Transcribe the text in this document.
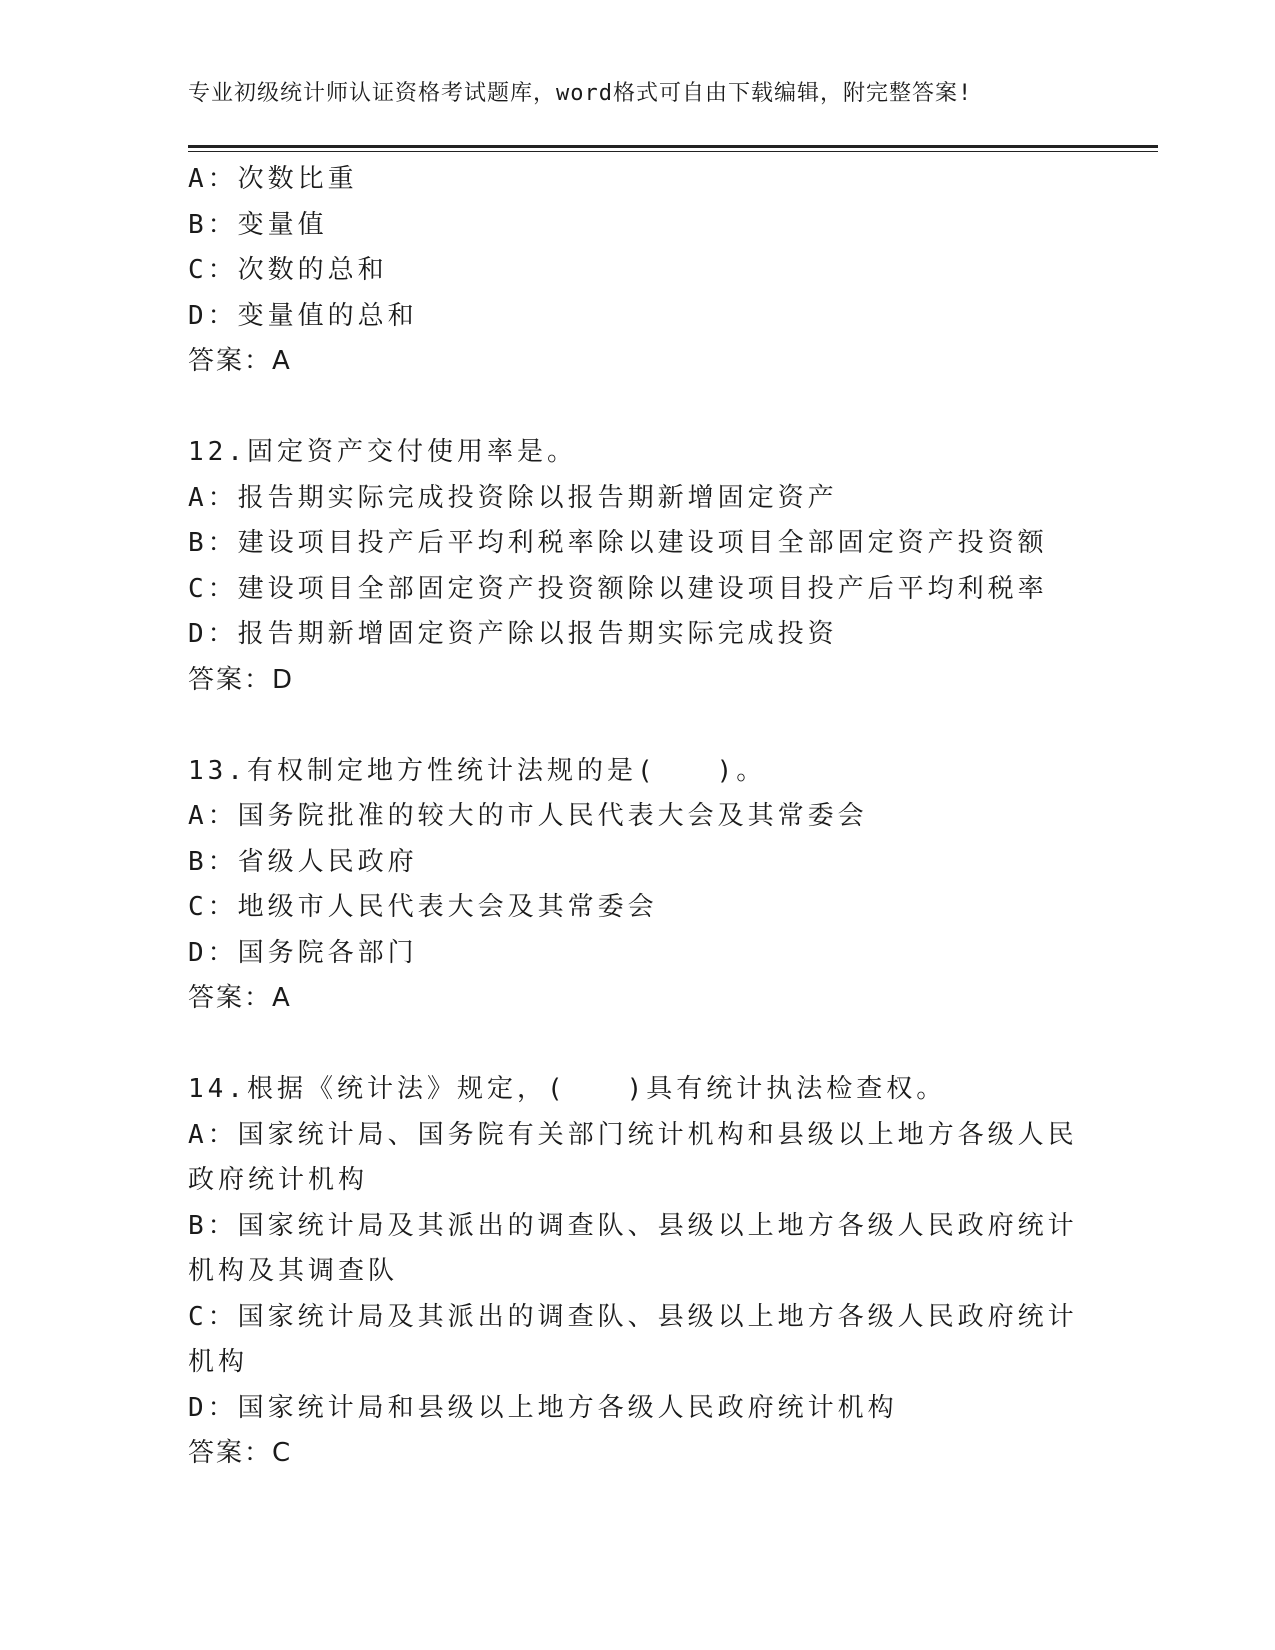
专业初级统计师认证资格考试题库，word格式可自由下载编辑，附完整答案!
A：次数比重
B：变量值
C：次数的总和
D：变量值的总和
答案：A
12.固定资产交付使用率是。
A：报告期实际完成投资除以报告期新增固定资产
B：建设项目投产后平均利税率除以建设项目全部固定资产投资额
C：建设项目全部固定资产投资额除以建设项目投产后平均利税率
D：报告期新增固定资产除以报告期实际完成投资
答案：D
13.有权制定地方性统计法规的是(　　)。
A：国务院批准的较大的市人民代表大会及其常委会
B：省级人民政府
C：地级市人民代表大会及其常委会
D：国务院各部门
答案：A
14.根据《统计法》规定，(　　)具有统计执法检查权。
A：国家统计局、国务院有关部门统计机构和县级以上地方各级人民政府统计机构
B：国家统计局及其派出的调查队、县级以上地方各级人民政府统计机构及其调查队
C：国家统计局及其派出的调查队、县级以上地方各级人民政府统计机构
D：国家统计局和县级以上地方各级人民政府统计机构
答案：C
